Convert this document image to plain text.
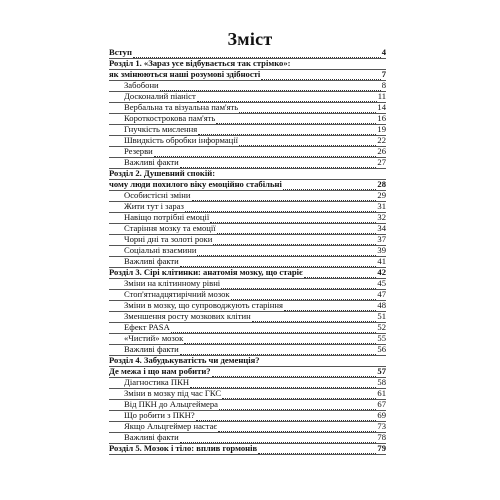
Зміст
Вступ	4
Розділ 1. «Зараз усе відбувається так стрімко»:
як змінюються наші розумові здібності	7
Забобони	8
Досконалий піаніст	11
Вербальна та візуальна пам'ять	14
Короткострокова пам'ять	16
Гнучкість мислення	19
Швидкість обробки інформації	22
Резерви	26
Важливі факти	27
Розділ 2. Душевний спокій:
чому люди похилого віку емоційно стабільні	28
Особистісні зміни	29
Жити тут і зараз	31
Навіщо потрібні емоції	32
Старіння мозку та емоції	34
Чорні дні та золоті роки	37
Соціальні взаємини	39
Важливі факти	41
Розділ 3. Сірі клітинки: анатомія мозку, що старіє	42
Зміни на клітинному рівні	45
Стоп'ятнадцятирічний мозок	47
Зміни в мозку, що супроводжують старіння	48
Зменшення росту мозкових клітин	51
Ефект PASA	52
«Чистий» мозок	55
Важливі факти	56
Розділ 4. Забудькуватість чи деменція?
Де межа і що нам робити?	57
Діагностика ПКН	58
Зміни в мозку під час ГКС	61
Від ПКН до Альцгеймера	67
Що робити з ПКН?	69
Якщо Альцгеймер настає	73
Важливі факти	78
Розділ 5. Мозок і тіло: вплив гормонів	79
